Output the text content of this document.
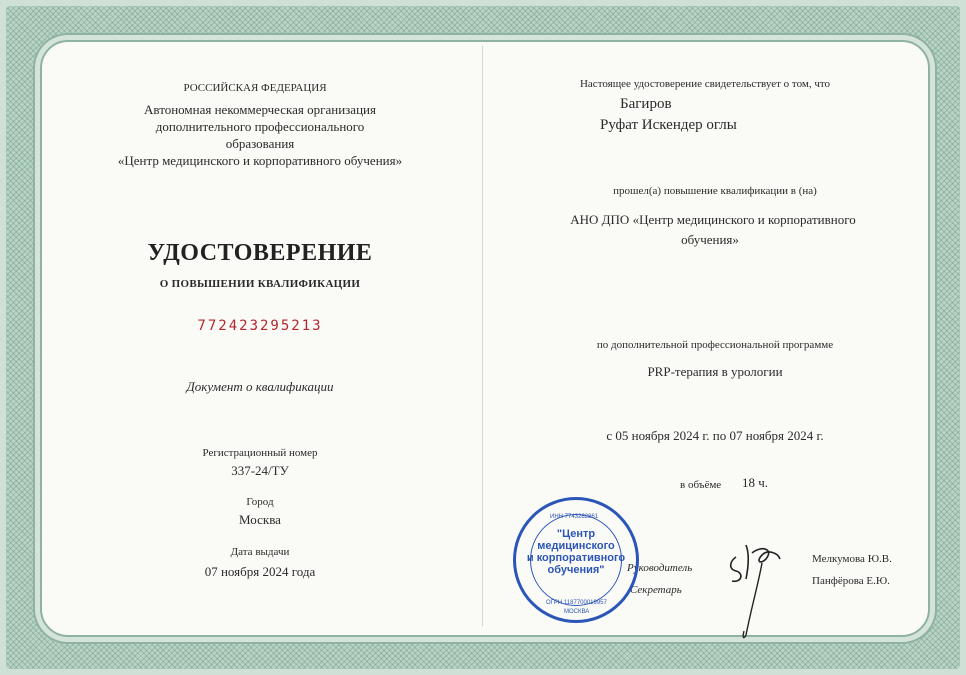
РОССИЙСКАЯ ФЕДЕРАЦИЯ
Автономная некоммерческая организация
дополнительного профессионального
образования
«Центр медицинского и корпоративного обучения»
УДОСТОВЕРЕНИЕ
О ПОВЫШЕНИИ КВАЛИФИКАЦИИ
772423295213
Документ о квалификации
Регистрационный номер
337-24/ТУ
Город
Москва
Дата выдачи
07 ноября 2024 года
Настоящее удостоверение свидетельствует о том, что
Багиров
Руфат Искендер оглы
прошел(а) повышение квалификации в (на)
АНО ДПО «Центр медицинского и корпоративного
обучения»
по дополнительной профессиональной программе
PRP-терапия в урологии
с 05 ноября 2024 г. по 07 ноября 2024 г.
в объёме	18 ч.
Руководитель
Мелкумова Ю.В.
Секретарь
Панфёрова Е.Ю.
ИНН 7743282861
ОГРН 1187700019957
МОСКВА
"Центр
медицинского
и корпоративного
обучения"
